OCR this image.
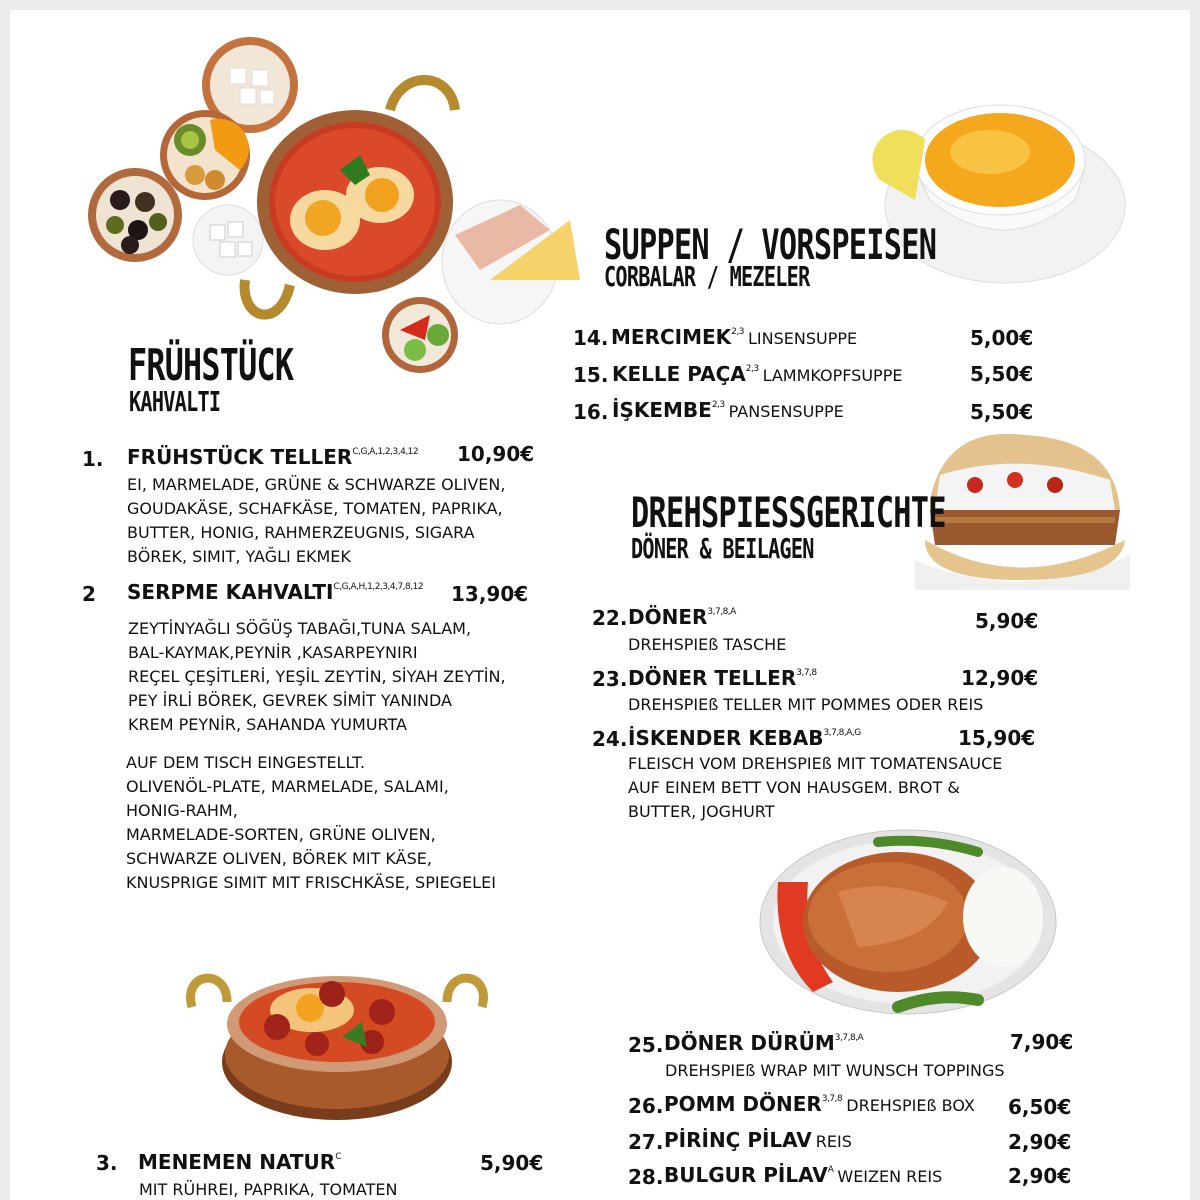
FRÜHSTÜCK
KAHVALTI
1. FRÜHSTÜCK $TELLER^{C,G,A,1,2,3,4,12}$ 10,90€
EI, MARMELADE, GRÜNE & SCHWARZE OLIVEN,
GOUDAKÄSE, SCHAFKÄSE, TOMATEN, PAPRIKA,
BUTTER, HONIG, RAHMERZEUGNIS, SIGARA
BÖREK, SIMIT, YAĞLI EKMEK
2 SERPME $KAHVALTI^{C,G,A,H,1,2,3,4,7,8,12}$ 13,90€
ZEYTİNYAĞLI SÖĞÜŞ TABAĞI,TUNA SALAM,
BAL-KAYMAK,PEYNİR ,KASARPEYNIRI
REÇEL ÇEŞİTLERİ, YEŞİL ZEYTİN, SİYAH ZEYTİN,
PEY İRLİ BÖREK, GEVREK SİMİT YANINDA
KREM PEYNİR, SAHANDA YUMURTA
AUF DEM TISCH EINGESTELLT.
OLIVENÖL-PLATE, MARMELADE, SALAMI,
HONIG-RAHM,
MARMELADE-SORTEN, GRÜNE OLIVEN,
SCHWARZE OLIVEN, BÖREK MIT KÄSE,
KNUSPRIGE SIMIT MIT FRISCHKÄSE, SPIEGELEI
3. MENEMEN $NATUR^C$	5,90€
MIT RÜHREI, PAPRIKA, TOMATEN
SUPPEN / VORSPEISEN
CORBALAR / MEZELER
14. MERCIMEK$^{2,3}$ LINSENSUPPE	5,00€
15. KELLE PAÇA$^{2,3}$ LAMMKOPFSUPPE	5,50€
16. İŞKEMBE$^{2,3}$ PANSENSUPPE	5,50€
DREHSPIESSGERICHTE
DÖNER & BEILAGEN
22. $DÖNER^{3,7,8,A}$	5,90€
DREHSPIEß TASCHE
23. DÖNER TELLER$^{3,7,8}$	12,90€
DREHSPIEß TELLER MIT POMMES ODER REIS
24. İSKENDER $KEBAB^{3,7,8,A,G}$	15,90€
FLEISCH VOM DREHSPIEß MIT TOMATENSAUCE
AUF EINEM BETT VON HAUSGEM. BROT &
BUTTER, JOGHURT
25. DÖNER $DÜRÜM^{3,7,8,A}$	7,90€
DREHSPIEß WRAP MIT WUNSCH TOPPINGS
26. POMM DÖNER$^{3,7,8}$ DREHSPIEß BOX 6,50€
27. PİRİNÇ PİLAV REIS	2,90€
28. BULGUR $PİLAV^A$ WEIZEN REIS	2,90€
